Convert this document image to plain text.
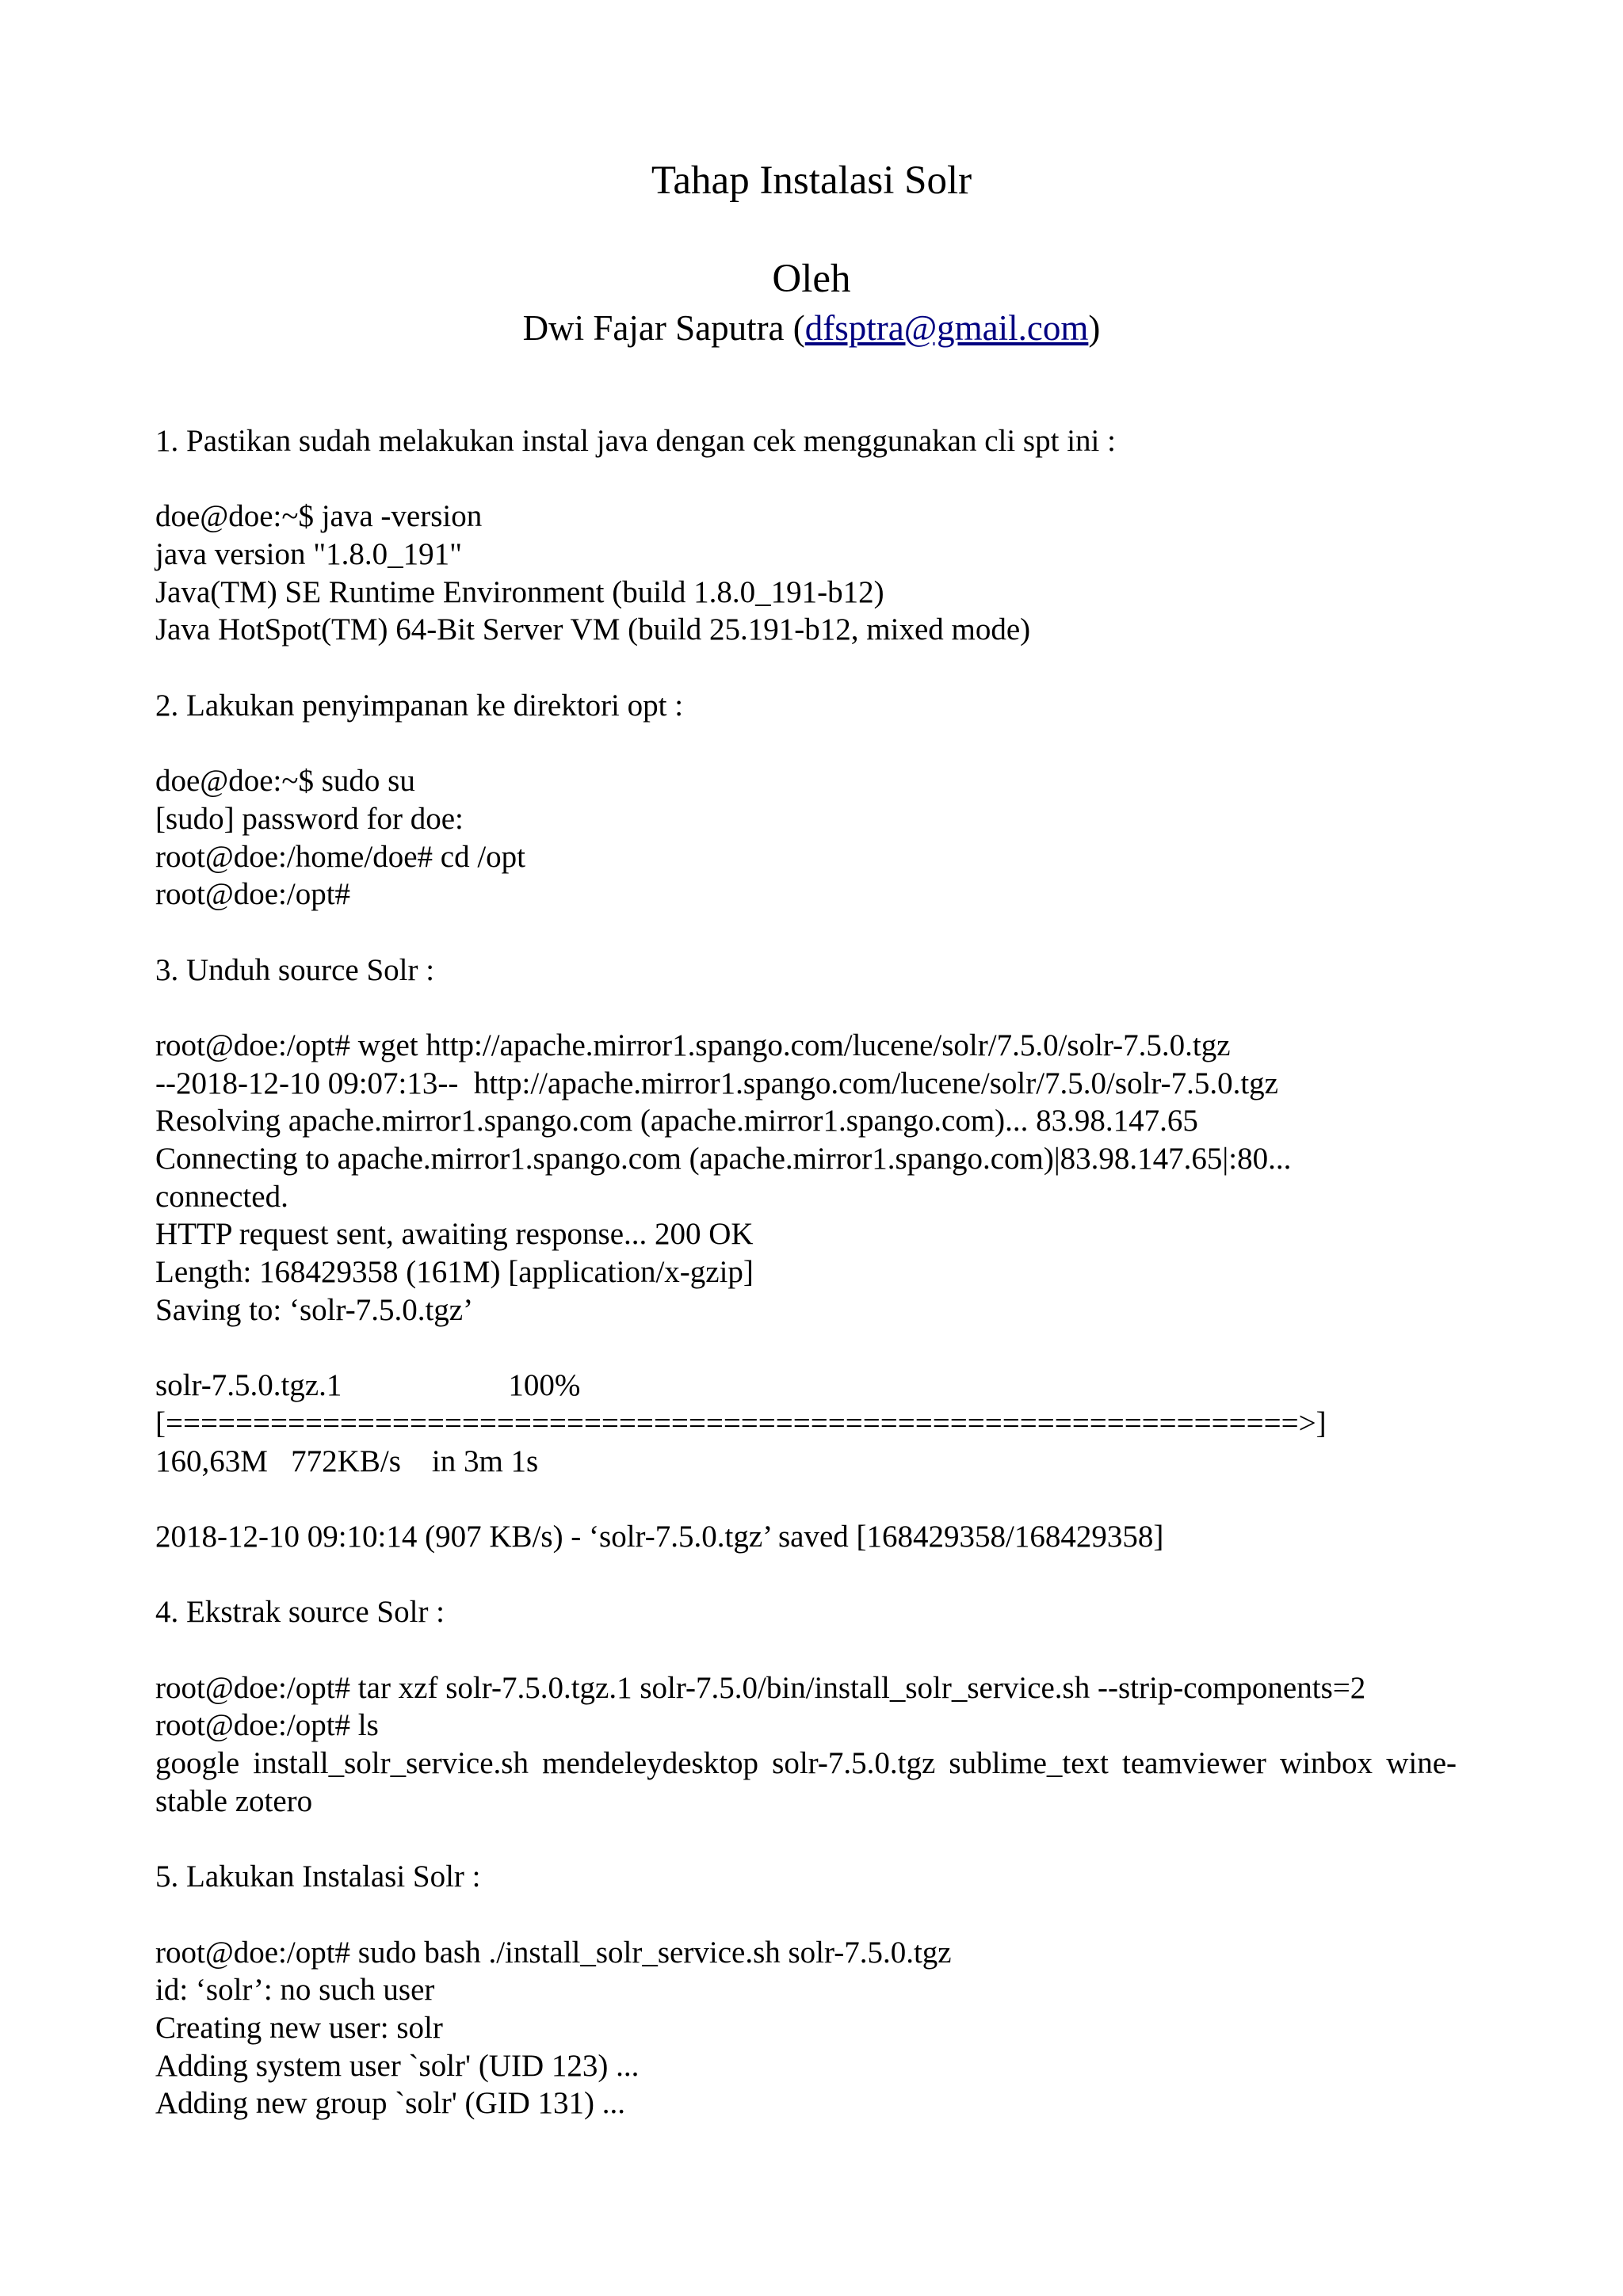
Tahap Instalasi Solr
Oleh
Dwi Fajar Saputra (dfsptra@gmail.com)
1. Pastikan sudah melakukan instal java dengan cek menggunakan cli spt ini :
doe@doe:~$ java -version
java version "1.8.0_191"
Java(TM) SE Runtime Environment (build 1.8.0_191-b12)
Java HotSpot(TM) 64-Bit Server VM (build 25.191-b12, mixed mode)
2. Lakukan penyimpanan ke direktori opt :
doe@doe:~$ sudo su
[sudo] password for doe:
root@doe:/home/doe# cd /opt
root@doe:/opt#
3. Unduh source Solr :
root@doe:/opt# wget http://apache.mirror1.spango.com/lucene/solr/7.5.0/solr-7.5.0.tgz
--2018-12-10 09:07:13--  http://apache.mirror1.spango.com/lucene/solr/7.5.0/solr-7.5.0.tgz
Resolving apache.mirror1.spango.com (apache.mirror1.spango.com)... 83.98.147.65
Connecting to apache.mirror1.spango.com (apache.mirror1.spango.com)|83.98.147.65|:80...
connected.
HTTP request sent, awaiting response... 200 OK
Length: 168429358 (161M) [application/x-gzip]
Saving to: ‘solr-7.5.0.tgz’
solr-7.5.0.tgz.1	100%
[=================================================================>]
160,63M   772KB/s    in 3m 1s
2018-12-10 09:10:14 (907 KB/s) - ‘solr-7.5.0.tgz’ saved [168429358/168429358]
4. Ekstrak source Solr :
root@doe:/opt# tar xzf solr-7.5.0.tgz.1 solr-7.5.0/bin/install_solr_service.sh --strip-components=2
root@doe:/opt# ls
google install_solr_service.sh mendeleydesktop solr-7.5.0.tgz sublime_text teamviewer winbox wine-stable zotero
5. Lakukan Instalasi Solr :
root@doe:/opt# sudo bash ./install_solr_service.sh solr-7.5.0.tgz
id: ‘solr’: no such user
Creating new user: solr
Adding system user `solr' (UID 123) ...
Adding new group `solr' (GID 131) ...
